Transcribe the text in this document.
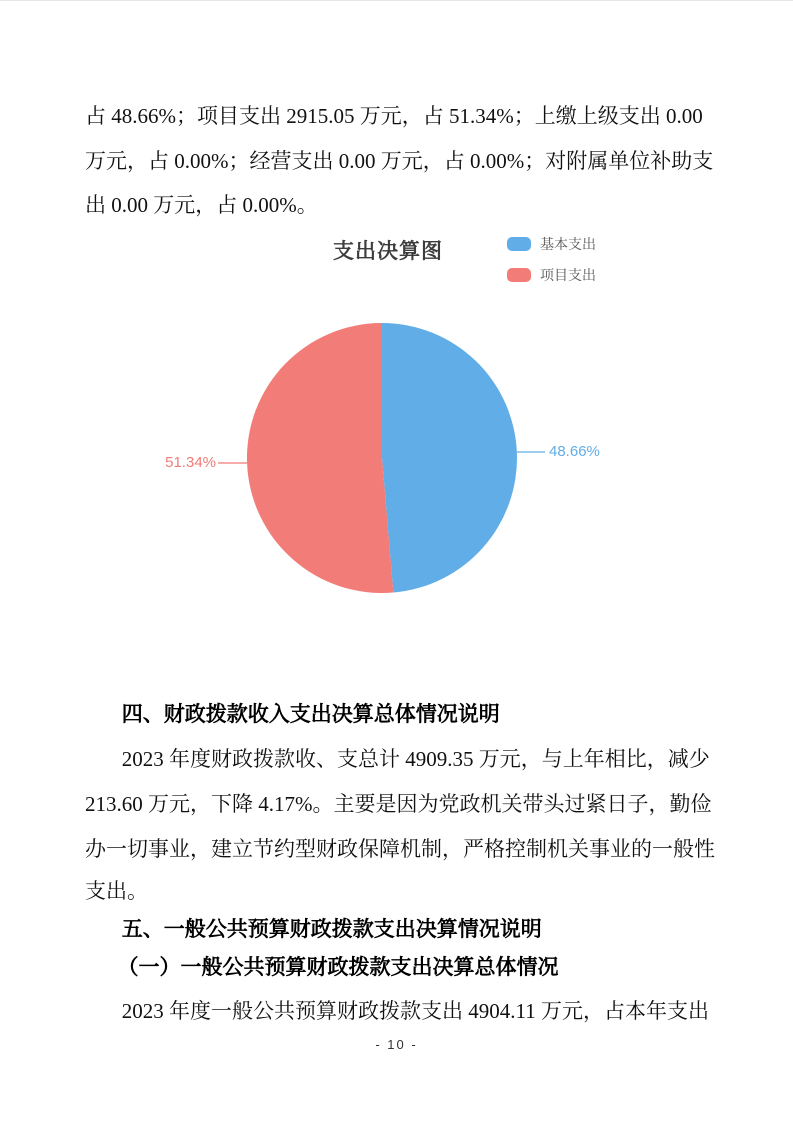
占 48.66%；项目支出 2915.05 万元，占 51.34%；上缴上级支出 0.00
万元，占 0.00%；经营支出 0.00 万元，占 0.00%；对附属单位补助支
出 0.00 万元，占 0.00%。
支出决算图	基本支出
项目支出
51.34%
48.66%
四、财政拨款收入支出决算总体情况说明
2023 年度财政拨款收、支总计 4909.35 万元，与上年相比，减少
213.60 万元，下降 4.17%。主要是因为党政机关带头过紧日子，勤俭
办一切事业，建立节约型财政保障机制，严格控制机关事业的一般性
支出。
五、一般公共预算财政拨款支出决算情况说明
（一）一般公共预算财政拨款支出决算总体情况
2023 年度一般公共预算财政拨款支出 4904.11 万元，占本年支出
- 10 -
